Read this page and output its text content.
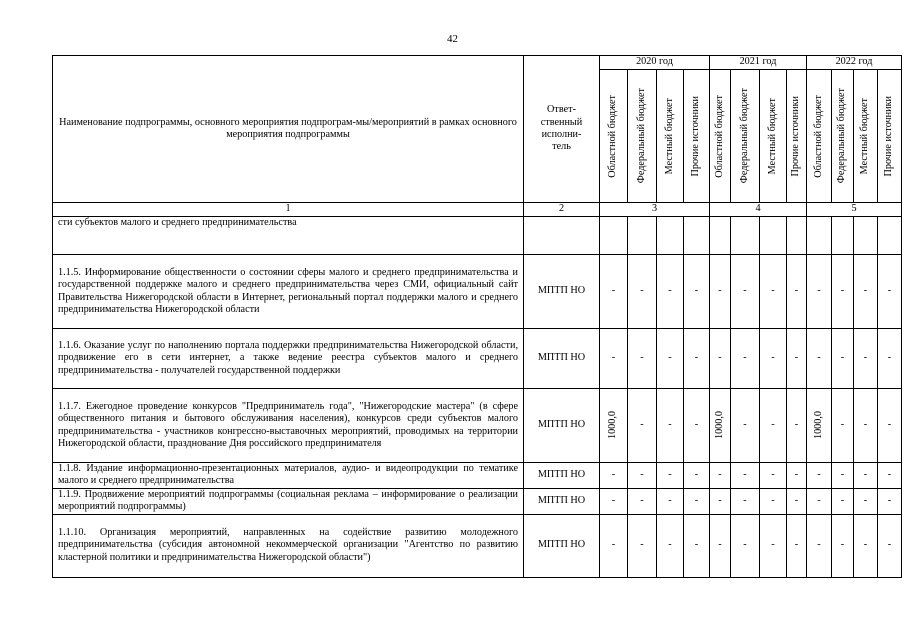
42
Наименование подпрограммы, основного мероприятия подпрограм-мы/мероприятий в рамках основного мероприятия подпрограммы	Ответ-ственный исполни-тель	2020 год				2021 год				2022 год			

		Областной бюджет	Федеральный бюджет	Местный бюджет	Прочие источники	Областной бюджет	Федеральный бюджет	Местный бюджет	Прочие источники	Областной бюджет	Федеральный бюджет	Местный бюджет	Прочие источники

1	2	3				4				5			
сти субъектов малого и среднего предпринимательства													
1.1.5. Информирование общественности о состоянии сферы малого и среднего предпринимательства и государственной поддержке малого и среднего предпринимательства через СМИ, официальный сайт Правительства Нижегородской области в Интернет, региональный портал поддержки малого и среднего предпринимательства Нижегородской области	МПТП НО	-	-	-	-	-	-	-	-	-	-	-	-
1.1.6. Оказание услуг по наполнению портала поддержки предпринимательства Нижегородской области, продвижение его в сети интернет, а также ведение реестра субъектов малого и среднего предпринимательства - получателей государственной поддержки	МПТП НО	-	-	-	-	-	-	-	-	-	-	-	-
1.1.7. Ежегодное проведение конкурсов "Предприниматель года", "Нижегородские мастера" (в сфере общественного питания и бытового обслуживания населения), конкурсов среди субъектов малого предпринимательства - участников конгрессно-выставочных мероприятий, проводимых на территории Нижегородской области, празднование Дня российского предпринимателя	МПТП НО	1000,0	-	-	-	1000,0	-	-	-	1000,0	-	-	-
1.1.8. Издание информационно-презентационных материалов, аудио- и видеопродукции по тематике малого и среднего предпринимательства	МПТП НО	-	-	-	-	-	-	-	-	-	-	-	-
1.1.9. Продвижение мероприятий подпрограммы (социальная реклама – информирование о реализации мероприятий подпрограммы)	МПТП НО	-	-	-	-	-	-	-	-	-	-	-	-
1.1.10. Организация мероприятий, направленных на содействие развитию молодежного предпринимательства (субсидия автономной некоммерческой организации "Агентство по развитию кластерной политики и предпринимательства Нижегородской области")	МПТП НО	-	-	-	-	-	-	-	-	-	-	-	-
